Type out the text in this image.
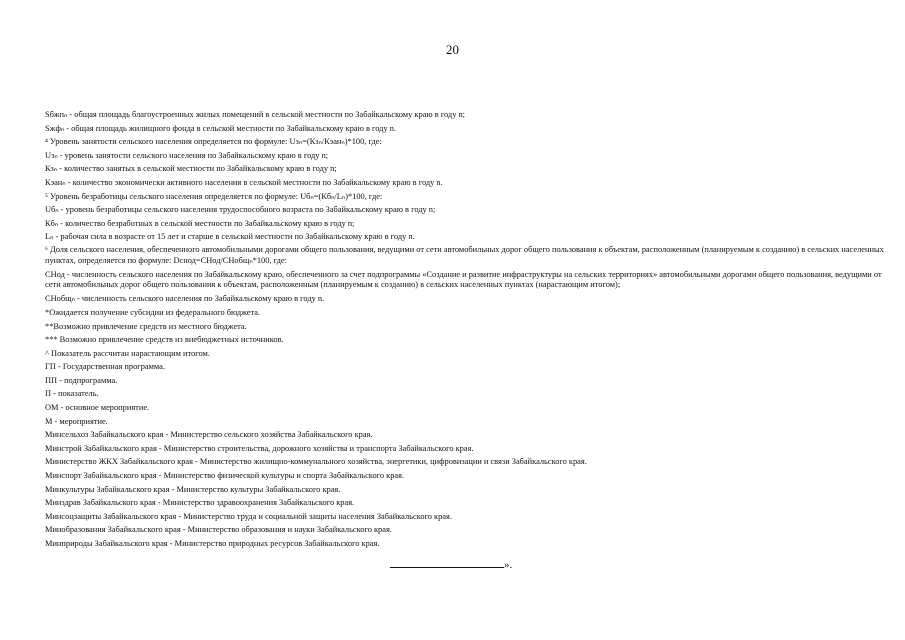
20
Sбжпₙ - общая площадь благоустроенных жилых помещений в сельской местности по Забайкальскому краю в году n;
Sжфₙ - общая площадь жилищного фонда в сельской местности по Забайкальскому краю в году n.
⁴ Уровень занятости сельского населения определяется по формуле: Uзₙ=(Кзₙ/Кэанₙ)*100, где:
Uзₙ - уровень занятости сельского населения по Забайкальскому краю в году n;
Кзₙ - количество занятых в сельской местности по Забайкальскому краю в году n;
Кэанₙ - количество экономически активного населения в сельской местности по Забайкальскому краю в году n.
⁵ Уровень безработицы сельского населения определяется по формуле: Uбₙ=(Кбₙ/Lₙ)*100, где:
Uбₙ - уровень безработицы сельского населения трудоспособного возраста по Забайкальскому краю в году n;
Кбₙ - количество безработных в сельской местности по Забайкальскому краю в году n;
Lₙ - рабочая сила в возрасте от 15 лет и старше в сельской местности по Забайкальскому краю в году n.
⁶ Доля сельского населения, обеспеченного автомобильными дорогами общего пользования, ведущими от сети автомобильных дорог общего пользования к объектам, расположенным (планируемым к созданию) в сельских населенных пунктах, определяется по формуле: Dснод=СНод/СНобщₙ*100, где:
СНод - численность сельского населения по Забайкальскому краю, обеспеченного за счет подпрограммы «Создание и развитие инфраструктуры на сельских территориях» автомобильными дорогами общего пользования, ведущими от сети автомобильных дорог общего пользования к объектам, расположенным (планируемым к созданию) в сельских населенных пунктах (нарастающим итогом);
СНобщₙ - численность сельского населения по Забайкальскому краю в году n.
*Ожидается получение субсидии из федерального бюджета.
**Возможно привлечение средств из местного бюджета.
*** Возможно привлечение средств из внебюджетных источников.
^ Показатель рассчитан нарастающим итогом.
ГП - Государственная программа.
ПП - подпрограмма.
П - показатель.
ОМ - основное мероприятие.
М - мероприятие.
Минсельхоз Забайкальского края - Министерство сельского хозяйства Забайкальского края.
Минстрой Забайкальского края - Министерство строительства, дорожного хозяйства и транспорта Забайкальского края.
Министерство ЖКХ Забайкальского края - Министерство жилищно-коммунального хозяйства, энергетики, цифровизации и связи Забайкальского края.
Минспорт Забайкальского края - Министерство физической культуры и спорта Забайкальского края.
Минкультуры Забайкальского края - Министерство культуры Забайкальского края.
Минздрав Забайкальского края - Министерство здравоохранения Забайкальского края.
Минсоцзащиты Забайкальского края - Министерство труда и социальной защиты населения Забайкальского края.
Минобразования Забайкальского края - Министерство образования и науки Забайкальского края.
Минприроды Забайкальского края - Министерство природных ресурсов Забайкальского края.
».
